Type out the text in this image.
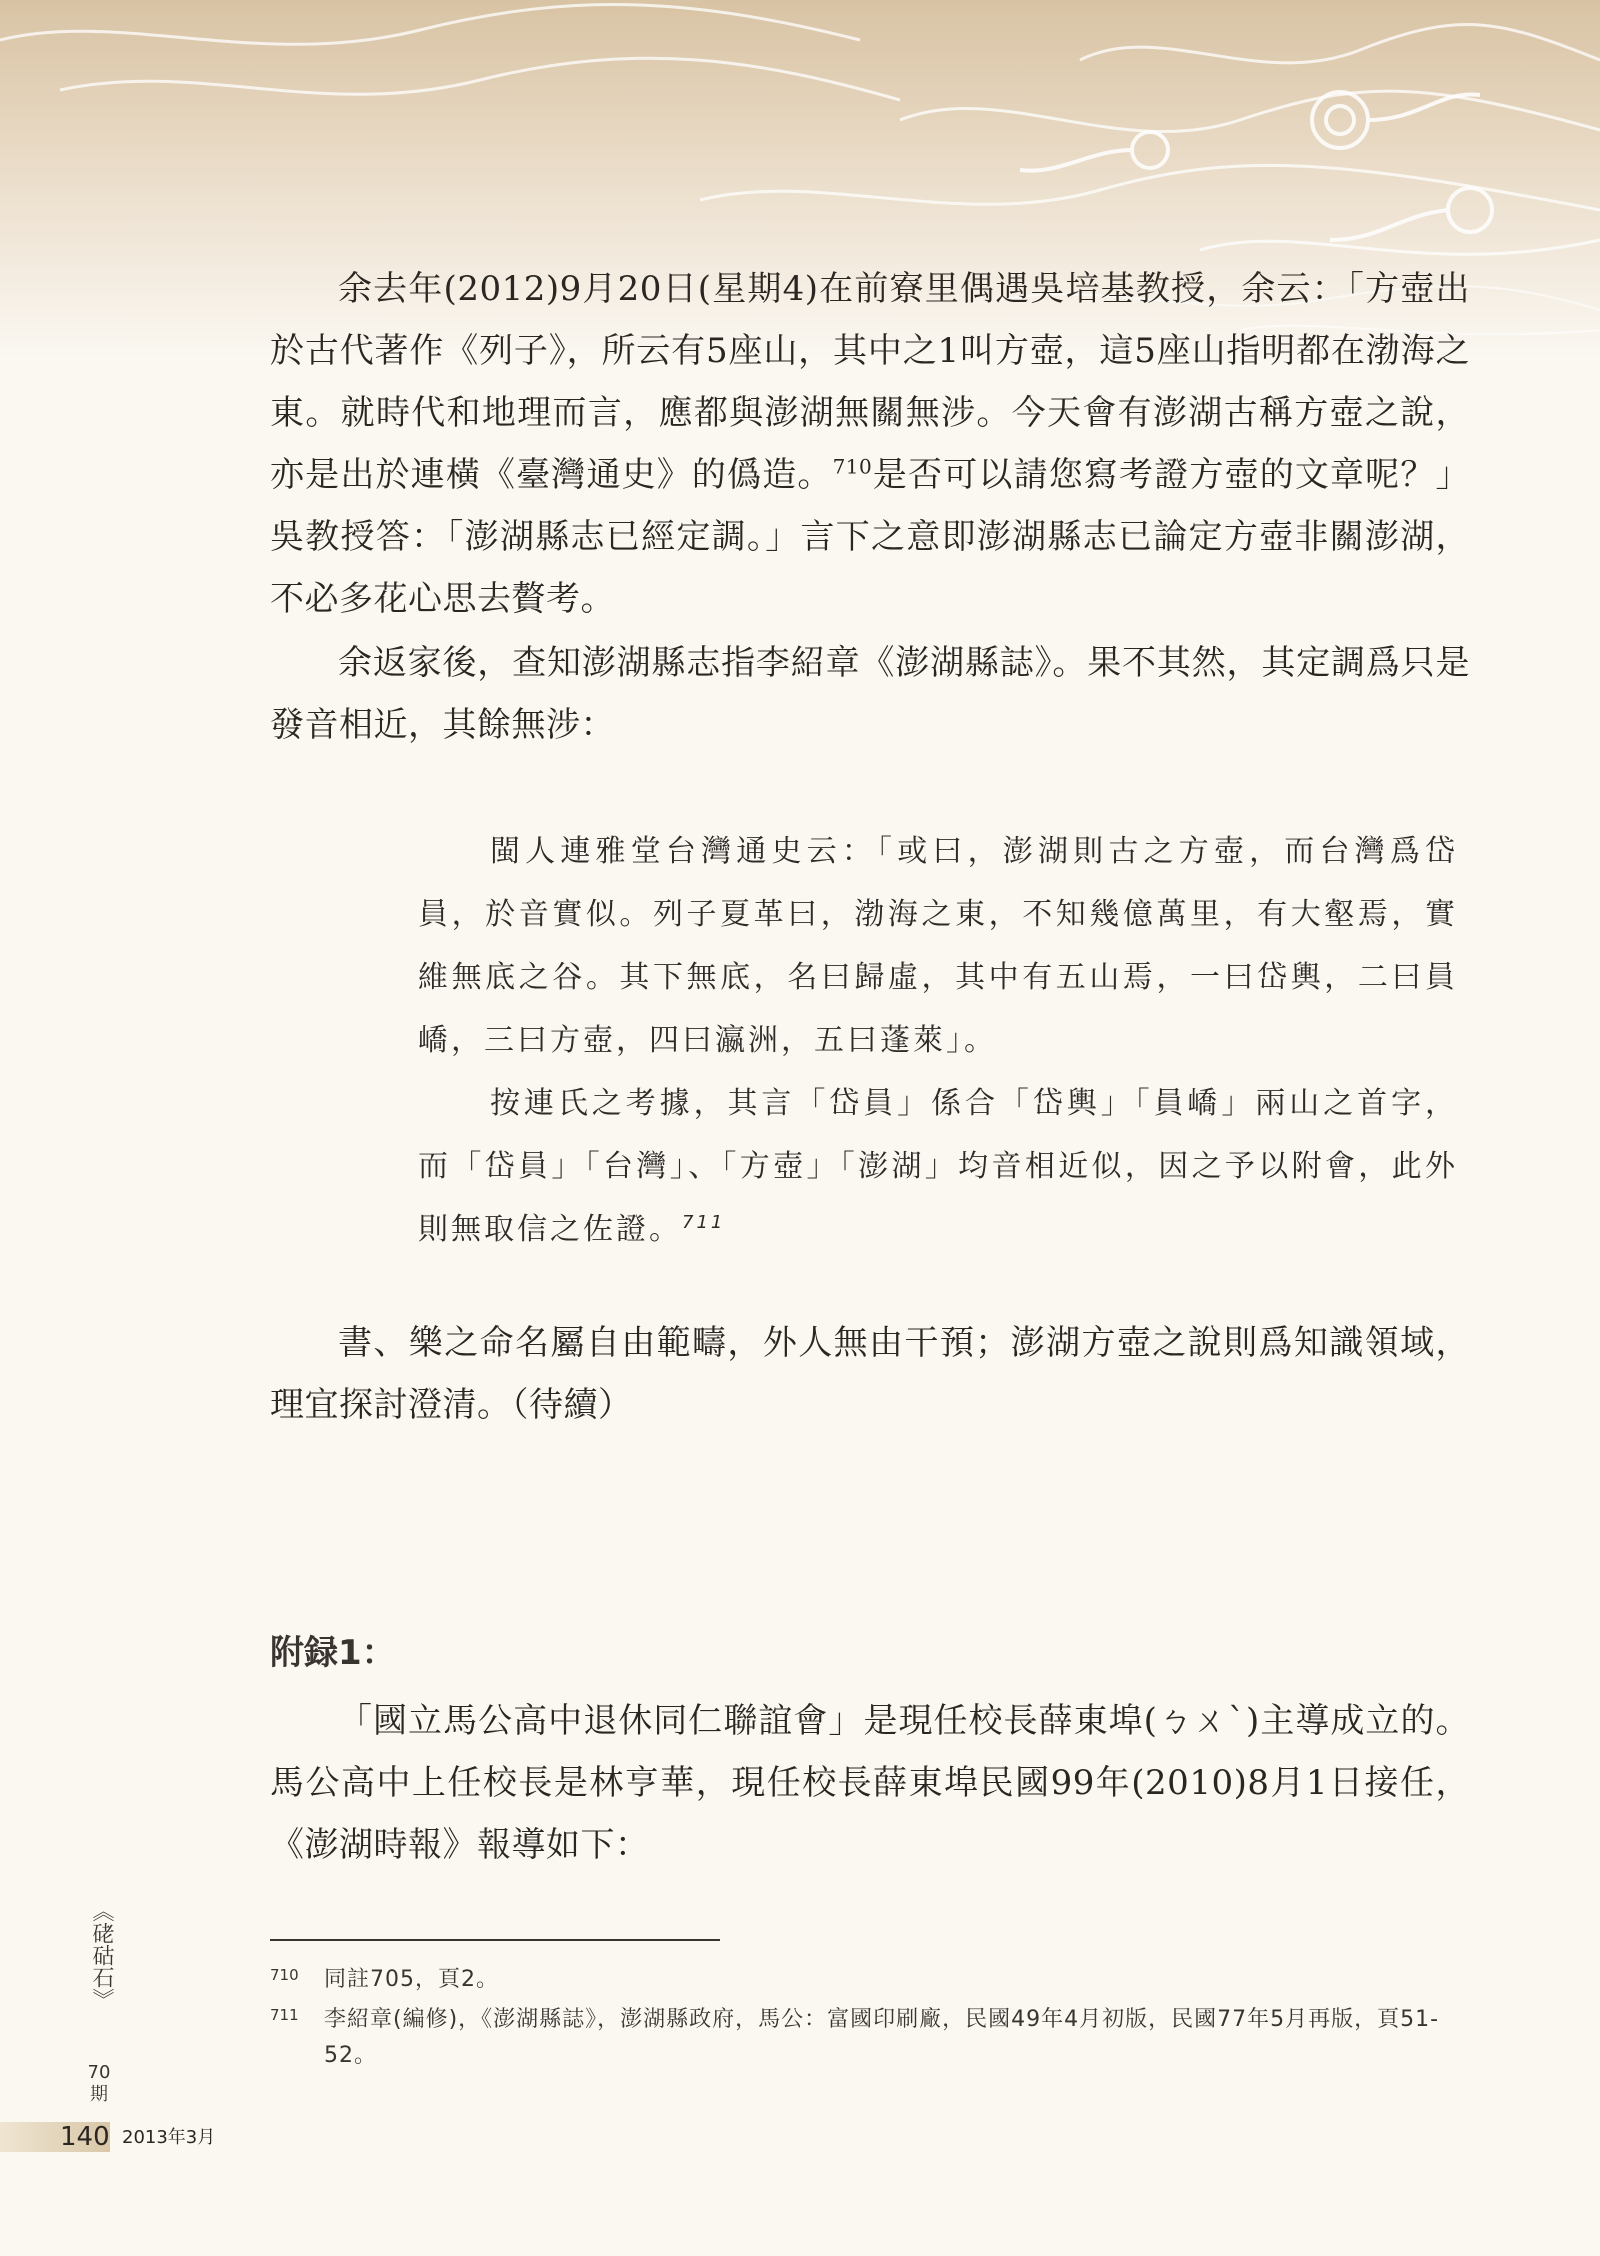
余去年(2012)9月20日(星期4)在前寮里偶遇吳培基教授，余云：「方壺出於古代著作《列子》，所云有5座山，其中之1叫方壺，這5座山指明都在渤海之東。就時代和地理而言，應都與澎湖無關無涉。今天會有澎湖古稱方壺之說，亦是出於連橫《臺灣通史》的僞造。$^{710}$是否可以請您寫考證方壺的文章呢？」吳教授答：「澎湖縣志已經定調。」言下之意即澎湖縣志已論定方壺非關澎湖，不必多花心思去贅考。

余返家後，查知澎湖縣志指李紹章《澎湖縣誌》。果不其然，其定調爲只是發音相近，其餘無涉：

閩人連雅堂台灣通史云：「或曰，澎湖則古之方壺，而台灣爲岱員，於音實似。列子夏革曰，渤海之東，不知幾億萬里，有大壑焉，實維無底之谷。其下無底，名曰歸虛，其中有五山焉，一曰岱輿，二曰員嶠，三曰方壺，四曰瀛洲，五曰蓬萊」。

按連氏之考據，其言「岱員」係合「岱輿」「員嶠」兩山之首字，而「岱員」「台灣」、「方壺」「澎湖」均音相近似，因之予以附會，此外則無取信之佐證。$^{711}$

書、樂之命名屬自由範疇，外人無由干預；澎湖方壺之說則爲知識領域，理宜探討澄清。（待續）

附録1：

「國立馬公高中退休同仁聯誼會」是現任校長薛東埠(ㄅㄨˋ)主導成立的。馬公高中上任校長是林亨華，現任校長薛東埠民國99年(2010)8月1日接任，《澎湖時報》報導如下：

710	同註705，頁2。
711	李紹章(編修)，《澎湖縣誌》，澎湖縣政府，馬公：富國印刷廠，民國49年4月初版，民國77年5月再版，頁51-52。
《硓𥑮石》
70期
140 2013年3月
